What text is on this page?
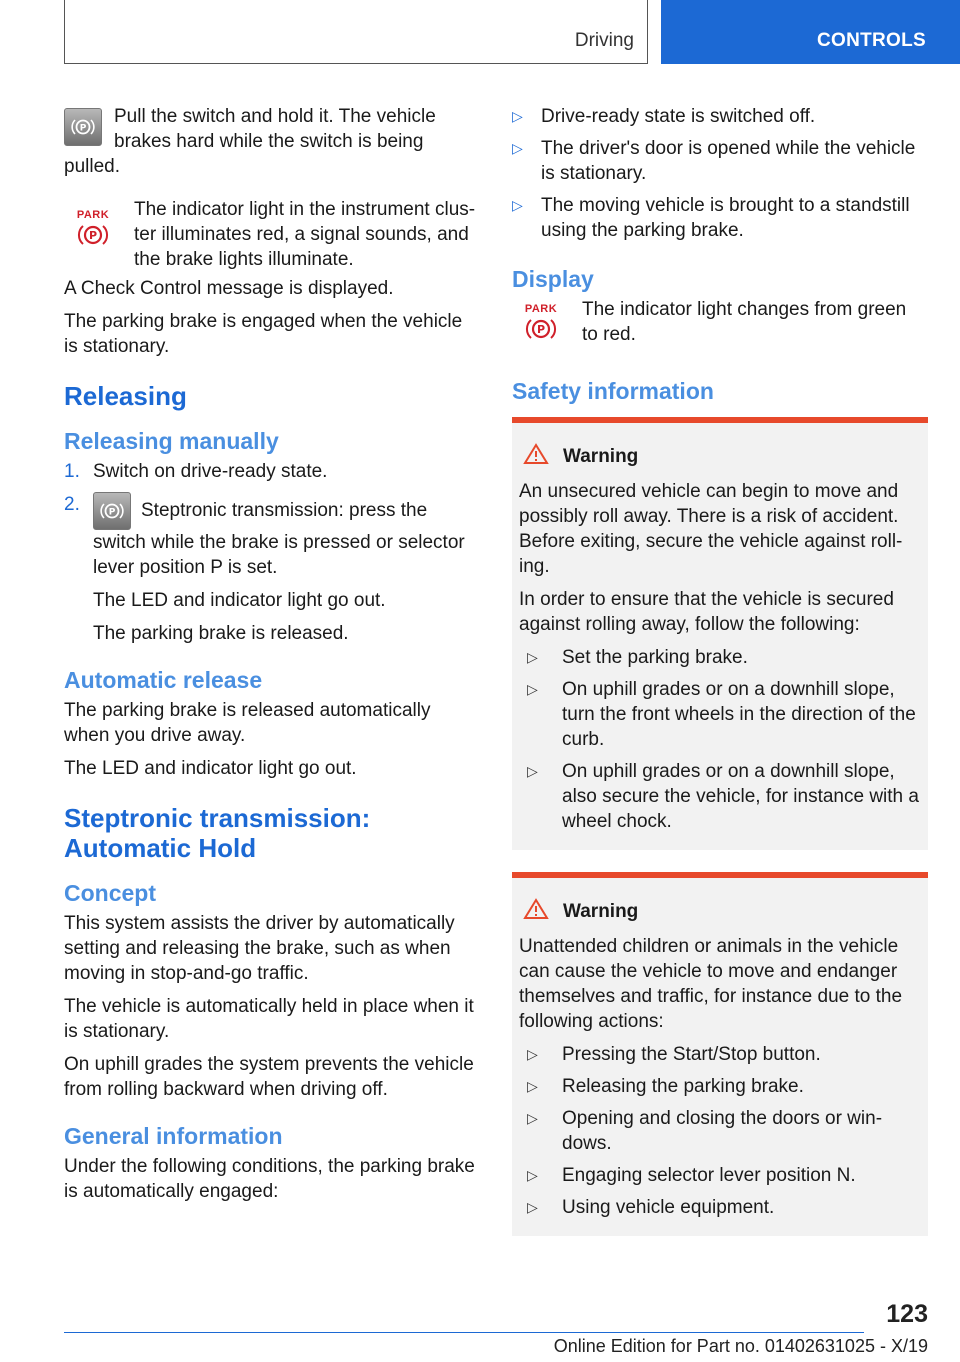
Driving	CONTROLS
P

Pull the switch and hold it. The vehicle brakes hard while the switch is being pulled.

PARK
P

The indicator light in the instrument clus- ter illuminates red, a signal sounds, and the brake lights illuminate.

A Check Control message is displayed.

The parking brake is engaged when the vehicle is stationary.

Releasing
Releasing manually
1. Switch on drive-ready state.
2.	P Steptronic transmission: press the switch while the brake is pressed or selector lever position P is set.

The LED and indicator light go out.

The parking brake is released.

Automatic release

The parking brake is released automatically when you drive away.

The LED and indicator light go out.

Steptronic transmission: Automatic Hold
Concept

This system assists the driver by automatically setting and releasing the brake, such as when moving in stop-and-go traffic.

The vehicle is automatically held in place when it is stationary.

On uphill grades the system prevents the vehicle from rolling backward when driving off.

General information

Under the following conditions, the parking brake is automatically engaged:

▷ Drive-ready state is switched off.
▷ The driver's door is opened while the vehicle is stationary.
▷ The moving vehicle is brought to a standstill using the parking brake.
Display
PARK
P

The indicator light changes from green to red.

Safety information
Warning

An unsecured vehicle can begin to move and possibly roll away. There is a risk of accident. Before exiting, secure the vehicle against roll- ing.

In order to ensure that the vehicle is secured against rolling away, follow the following:

▷ Set the parking brake.
▷ On uphill grades or on a downhill slope, turn the front wheels in the direction of the curb.
▷ On uphill grades or on a downhill slope, also secure the vehicle, for instance with a wheel chock.
Warning

Unattended children or animals in the vehicle can cause the vehicle to move and endanger themselves and traffic, for instance due to the following actions:

▷ Pressing the Start/Stop button.
▷ Releasing the parking brake.
▷ Opening and closing the doors or win- dows.
▷ Engaging selector lever position N.
▷ Using vehicle equipment.
123
Online Edition for Part no. 01402631025 - X/19
